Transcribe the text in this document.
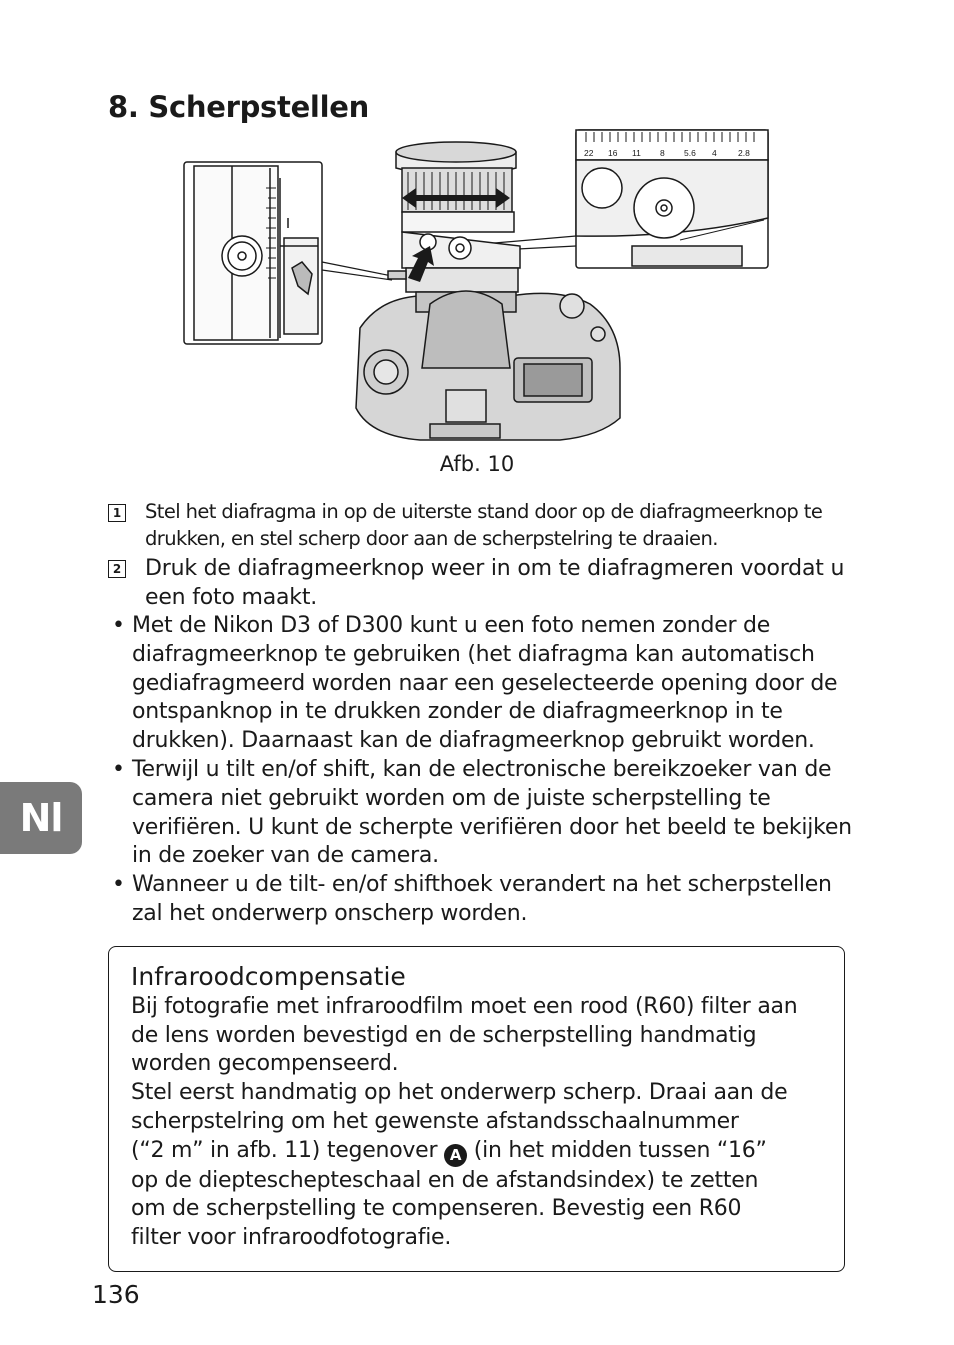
8. Scherpstellen
22 16 11 8 5.6 4	2.8
Afb. 10
1 Stel het diafragma in op de uiterste stand door op de diafragmeerknop te drukken, en stel scherp door aan de scherpstelring te draaien.
2 Druk de diafragmeerknop weer in om te diafragmeren voordat u een foto maakt.
• Met de Nikon D3 of D300 kunt u een foto nemen zonder de diafragmeerknop te gebruiken (het diafragma kan automatisch gediafragmeerd worden naar een geselecteerde opening door de ontspanknop in te drukken zonder de diafragmeerknop in te drukken). Daarnaast kan de diafragmeerknop gebruikt worden.
• Terwijl u tilt en/of shift, kan de electronische bereikzoeker van de camera niet gebruikt worden om de juiste scherpstelling te verifiëren. U kunt de scherpte verifiëren door het beeld te bekijken in de zoeker van de camera.
• Wanneer u de tilt- en/of shifthoek verandert na het scherpstellen zal het onderwerp onscherp worden.
Nl
Infraroodcompensatie
Bij fotografie met infraroodfilm moet een rood (R60) filter aan
de lens worden bevestigd en de scherpstelling handmatig
worden gecompenseerd.
Stel eerst handmatig op het onderwerp scherp. Draai aan de
scherpstelring om het gewenste afstandsschaalnummer
(“2 m” in afb. 11) tegenover A (in het midden tussen “16”
op de diepteschepteschaal en de afstandsindex) te zetten
om de scherpstelling te compenseren. Bevestig een R60
filter voor infraroodfotografie.
136
